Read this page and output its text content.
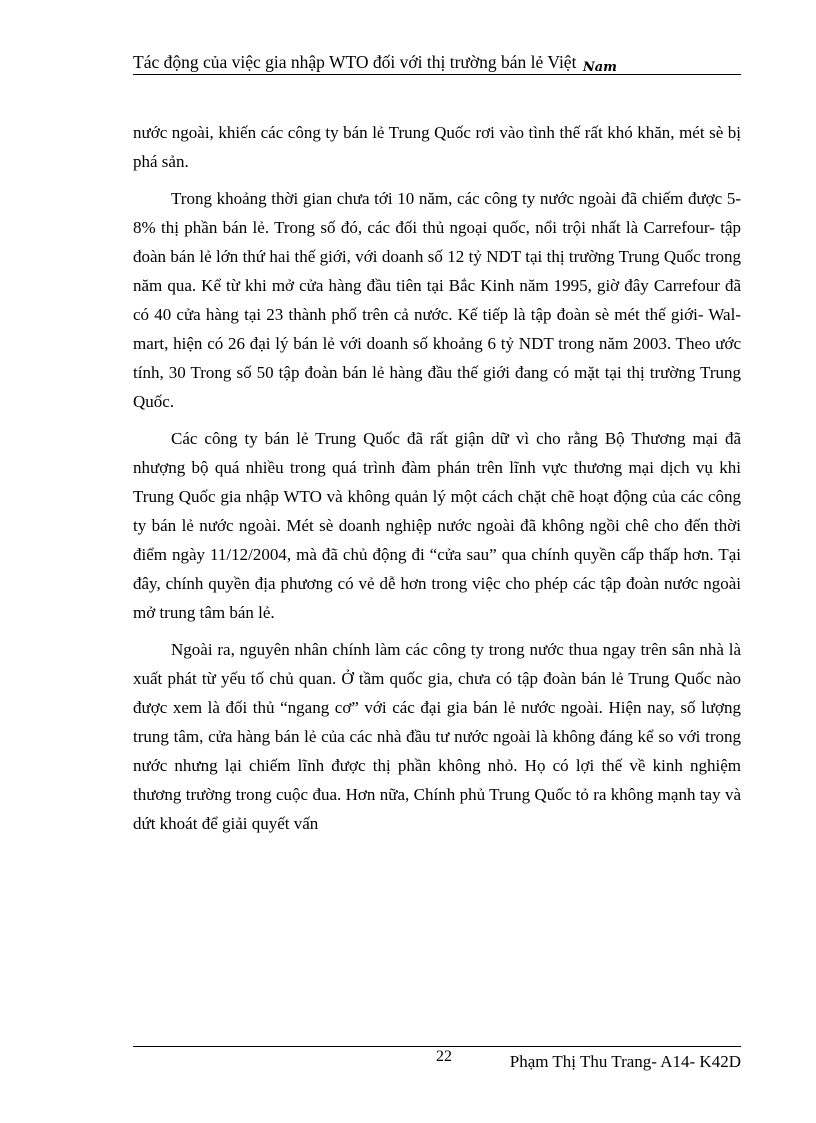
Tác động của việc gia nhập WTO đối với thị trường bán lẻ Việt Nam

nước ngoài, khiến các công ty bán lẻ Trung Quốc rơi vào tình thế rất khó khăn, mét sè bị phá sản.

Trong khoảng thời gian chưa tới 10 năm, các công ty nước ngoài đã chiếm được 5-8% thị phần bán lẻ. Trong số đó, các đối thủ ngoại quốc, nổi trội nhất là Carrefour- tập đoàn bán lẻ lớn thứ hai thế giới, với doanh số 12 tỷ NDT tại thị trường Trung Quốc trong năm qua. Kể từ khi mở cửa hàng đầu tiên tại Bắc Kinh năm 1995, giờ đây Carrefour đã có 40 cửa hàng tại 23 thành phố trên cả nước. Kế tiếp là tập đoàn sè mét thế giới- Wal-mart, hiện có 26 đại lý bán lẻ với doanh số khoảng 6 tỷ NDT trong năm 2003. Theo ước tính, 30 Trong số 50 tập đoàn bán lẻ hàng đầu thế giới đang có mặt tại thị trường Trung Quốc.

Các công ty bán lẻ Trung Quốc đã rất giận dữ vì cho rằng Bộ Thương mại đã nhượng bộ quá nhiều trong quá trình đàm phán trên lĩnh vực thương mại dịch vụ khi Trung Quốc gia nhập WTO và không quản lý một cách chặt chẽ hoạt động của các công ty bán lẻ nước ngoài. Mét sè doanh nghiệp nước ngoài đã không ngồi chê cho đến thời điểm ngày 11/12/2004, mà đã chủ động đi “cửa sau” qua chính quyền cấp thấp hơn. Tại đây, chính quyền địa phương có vẻ dễ hơn trong việc cho phép các tập đoàn nước ngoài mở trung tâm bán lẻ.

Ngoài ra, nguyên nhân chính làm các công ty trong nước thua ngay trên sân nhà là xuất phát từ yếu tố chủ quan. Ở tầm quốc gia, chưa có tập đoàn bán lẻ Trung Quốc nào được xem là đối thủ “ngang cơ” với các đại gia bán lẻ nước ngoài. Hiện nay, số lượng trung tâm, cửa hàng bán lẻ của các nhà đầu tư nước ngoài là không đáng kể so với trong nước nhưng lại chiếm lĩnh được thị phần không nhỏ. Họ có lợi thế về kinh nghiệm thương trường trong cuộc đua. Hơn nữa, Chính phủ Trung Quốc tỏ ra không mạnh tay và dứt khoát để giải quyết vấn

22	Phạm Thị Thu Trang- A14- K42D
